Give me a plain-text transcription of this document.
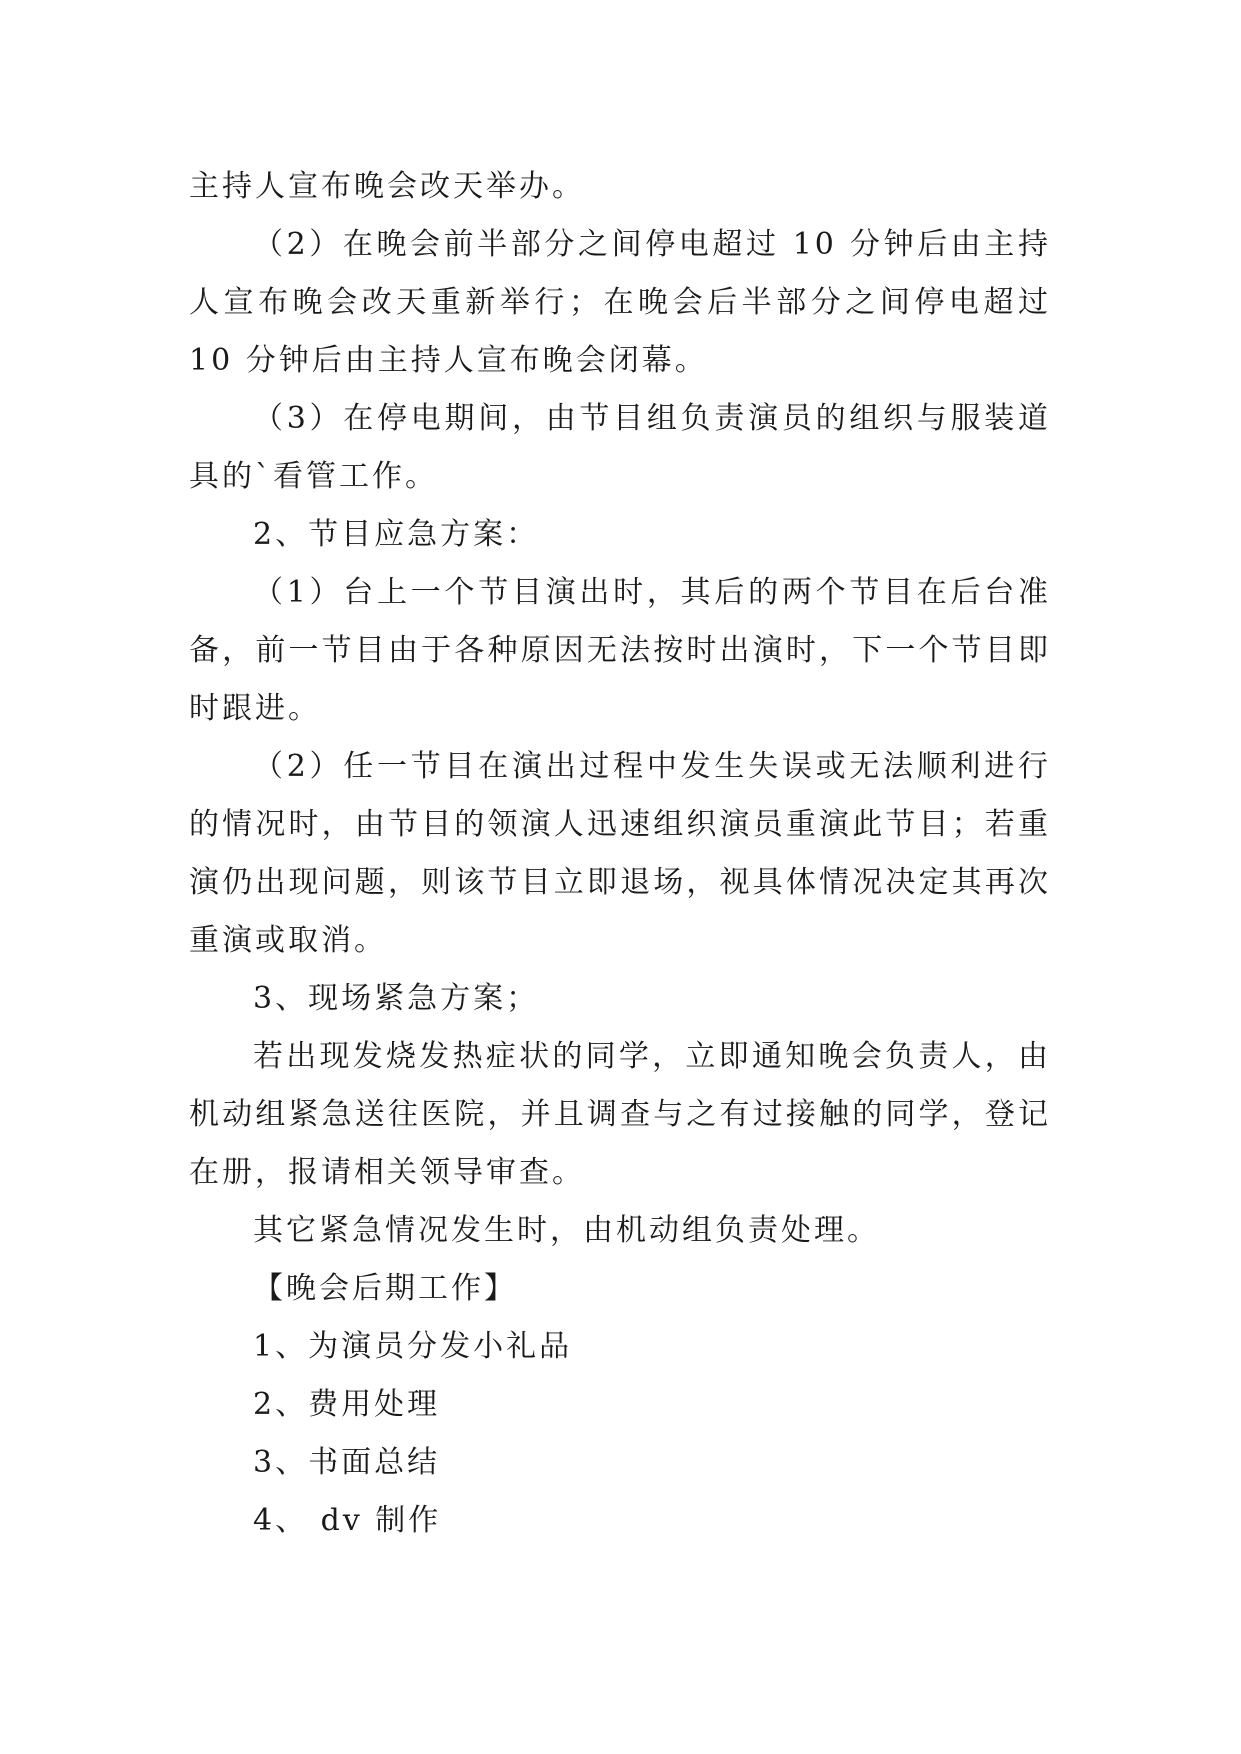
主持人宣布晚会改天举办。

（2）在晚会前半部分之间停电超过 10 分钟后由主持人宣布晚会改天重新举行；在晚会后半部分之间停电超过 10 分钟后由主持人宣布晚会闭幕。

（3）在停电期间，由节目组负责演员的组织与服装道具的`看管工作。

2、节目应急方案：

（1）台上一个节目演出时，其后的两个节目在后台准备，前一节目由于各种原因无法按时出演时，下一个节目即时跟进。

（2）任一节目在演出过程中发生失误或无法顺利进行的情况时，由节目的领演人迅速组织演员重演此节目；若重演仍出现问题，则该节目立即退场，视具体情况决定其再次重演或取消。

3、现场紧急方案；

若出现发烧发热症状的同学，立即通知晚会负责人，由机动组紧急送往医院，并且调查与之有过接触的同学，登记在册，报请相关领导审查。

其它紧急情况发生时，由机动组负责处理。

【晚会后期工作】

1、为演员分发小礼品

2、费用处理

3、书面总结

4、 dv 制作
